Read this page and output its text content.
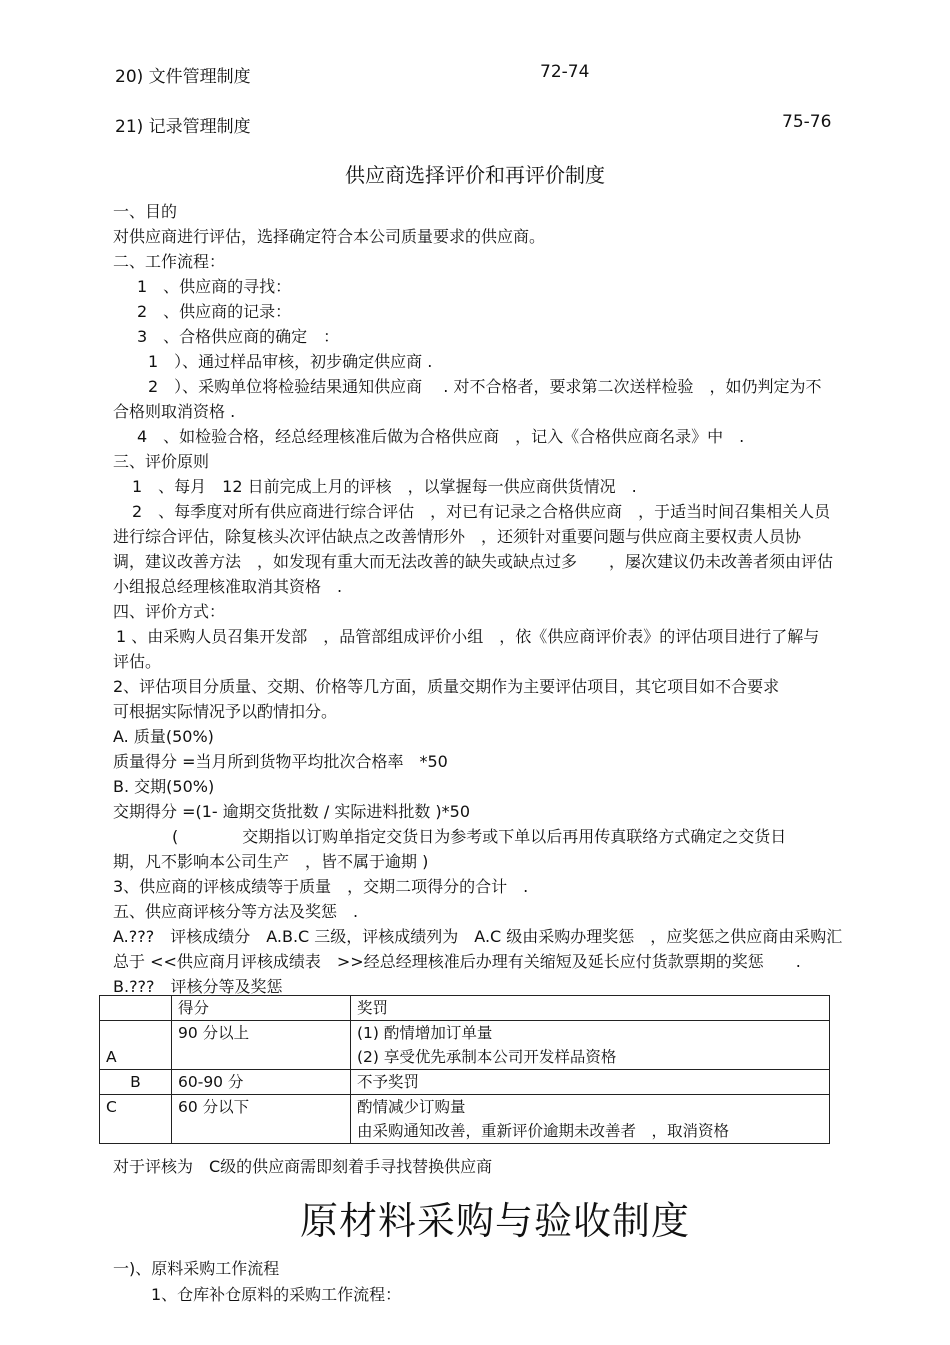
20) 文件管理制度	72-74
21) 记录管理制度	75-76
供应商选择评价和再评价制度
一、目的
对供应商进行评估，选择确定符合本公司质量要求的供应商。
二、工作流程：
1　、供应商的寻找：
2　、供应商的记录：
3　、合格供应商的确定　：
1　）、通过样品审核，初步确定供应商 .
2　）、采购单位将检验结果通知供应商　 . 对不合格者，要求第二次送样检验　，如仍判定为不
合格则取消资格 .
4　、如检验合格，经总经理核准后做为合格供应商　，记入《合格供应商名录》中　.
三、评价原则
1　、每月　12 日前完成上月的评核　，以掌握每一供应商供货情况　.
2　、每季度对所有供应商进行综合评估　，对已有记录之合格供应商　，于适当时间召集相关人员
进行综合评估，除复核头次评估缺点之改善情形外　，还须针对重要问题与供应商主要权责人员协
调，建议改善方法　，如发现有重大而无法改善的缺失或缺点过多　　，屡次建议仍未改善者须由评估
小组报总经理核准取消其资格　.
四、评价方式：
1 、由采购人员召集开发部　，品管部组成评价小组　，依《供应商评价表》的评估项目进行了解与
评估。
2、评估项目分质量、交期、价格等几方面，质量交期作为主要评估项目，其它项目如不合要求
可根据实际情况予以酌情扣分。
A. 质量(50%)
质量得分 =当月所到货物平均批次合格率　*50
B. 交期(50%)
交期得分 =(1- 逾期交货批数 / 实际进料批数 )*50
(　　　　交期指以订购单指定交货日为参考或下单以后再用传真联络方式确定之交货日
期，凡不影响本公司生产　，皆不属于逾期 )
3、供应商的评核成绩等于质量　，交期二项得分的合计　.
五、供应商评核分等方法及奖惩　.
A.???　评核成绩分　A.B.C 三级，评核成绩列为　A.C 级由采购办理奖惩　，应奖惩之供应商由采购汇
总于 <<供应商月评核成绩表　>>经总经理核准后办理有关缩短及延长应付货款票期的奖惩　　.
B.???　评核分等及奖惩
	得分	奖罚
A	90 分以上	(1) 酌情增加订单量
(2) 享受优先承制本公司开发样品资格

B	60-90 分	不予奖罚

C	60 分以下	酌情减少订购量
由采购通知改善，重新评价逾期未改善者　，取消资格
对于评核为　C级的供应商需即刻着手寻找替换供应商
原材料采购与验收制度
一)、原料采购工作流程
1、仓库补仓原料的采购工作流程：
